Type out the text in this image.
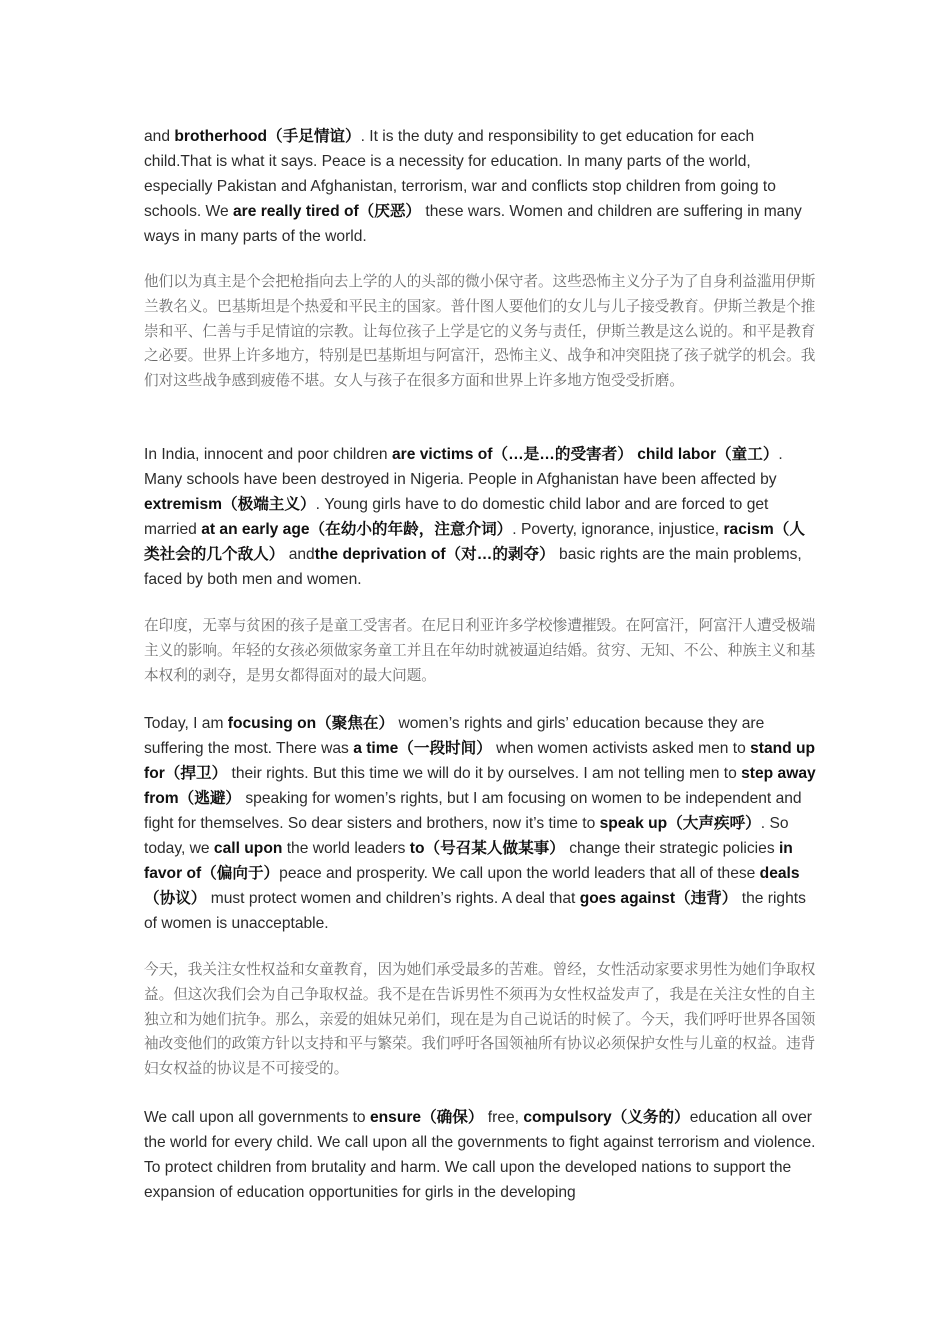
and brotherhood（手足情谊）. It is the duty and responsibility to get education for each child.That is what it says. Peace is a necessity for education. In many parts of the world, especially Pakistan and Afghanistan, terrorism, war and conflicts stop children from going to schools. We are really tired of（厌恶） these wars. Women and children are suffering in many ways in many parts of the world.

他们以为真主是个会把枪指向去上学的人的头部的微小保守者。这些恐怖主义分子为了自身利益滥用伊斯兰教名义。巴基斯坦是个热爱和平民主的国家。普什图人要他们的女儿与儿子接受教育。伊斯兰教是个推崇和平、仁善与手足情谊的宗教。让每位孩子上学是它的义务与责任，伊斯兰教是这么说的。和平是教育之必要。世界上许多地方，特别是巴基斯坦与阿富汗，恐怖主义、战争和冲突阻挠了孩子就学的机会。我们对这些战争感到疲倦不堪。女人与孩子在很多方面和世界上许多地方饱受受折磨。

In India, innocent and poor children are victims of（…是…的受害者） child labor（童工）. Many schools have been destroyed in Nigeria. People in Afghanistan have been affected by extremism（极端主义）. Young girls have to do domestic child labor and are forced to get married at an early age（在幼小的年龄，注意介词）. Poverty, ignorance, injustice, racism（人类社会的几个敌人） andthe deprivation of（对…的剥夺） basic rights are the main problems, faced by both men and women.

在印度，无辜与贫困的孩子是童工受害者。在尼日利亚许多学校惨遭摧毁。在阿富汗，阿富汗人遭受极端主义的影响。年轻的女孩必须做家务童工并且在年幼时就被逼迫结婚。贫穷、无知、不公、种族主义和基本权利的剥夺，是男女都得面对的最大问题。

Today, I am focusing on（聚焦在） women’s rights and girls’ education because they are suffering the most. There was a time（一段时间） when women activists asked men to stand up for（捍卫） their rights. But this time we will do it by ourselves. I am not telling men to step away from（逃避） speaking for women’s rights, but I am focusing on women to be independent and fight for themselves. So dear sisters and brothers, now it’s time to speak up（大声疾呼）. So today, we call upon the world leaders to（号召某人做某事） change their strategic policies in favor of（偏向于）peace and prosperity. We call upon the world leaders that all of these deals（协议） must protect women and children’s rights. A deal that goes against（违背） the rights of women is unacceptable.

今天，我关注女性权益和女童教育，因为她们承受最多的苦难。曾经，女性活动家要求男性为她们争取权益。但这次我们会为自己争取权益。我不是在告诉男性不须再为女性权益发声了，我是在关注女性的自主独立和为她们抗争。那么，亲爱的姐妹兄弟们，现在是为自己说话的时候了。今天，我们呼吁世界各国领袖改变他们的政策方针以支持和平与繁荣。我们呼吁各国领袖所有协议必须保护女性与儿童的权益。违背妇女权益的协议是不可接受的。

We call upon all governments to ensure（确保） free, compulsory（义务的）education all over the world for every child. We call upon all the governments to fight against terrorism and violence. To protect children from brutality and harm. We call upon the developed nations to support the expansion of education opportunities for girls in the developing
